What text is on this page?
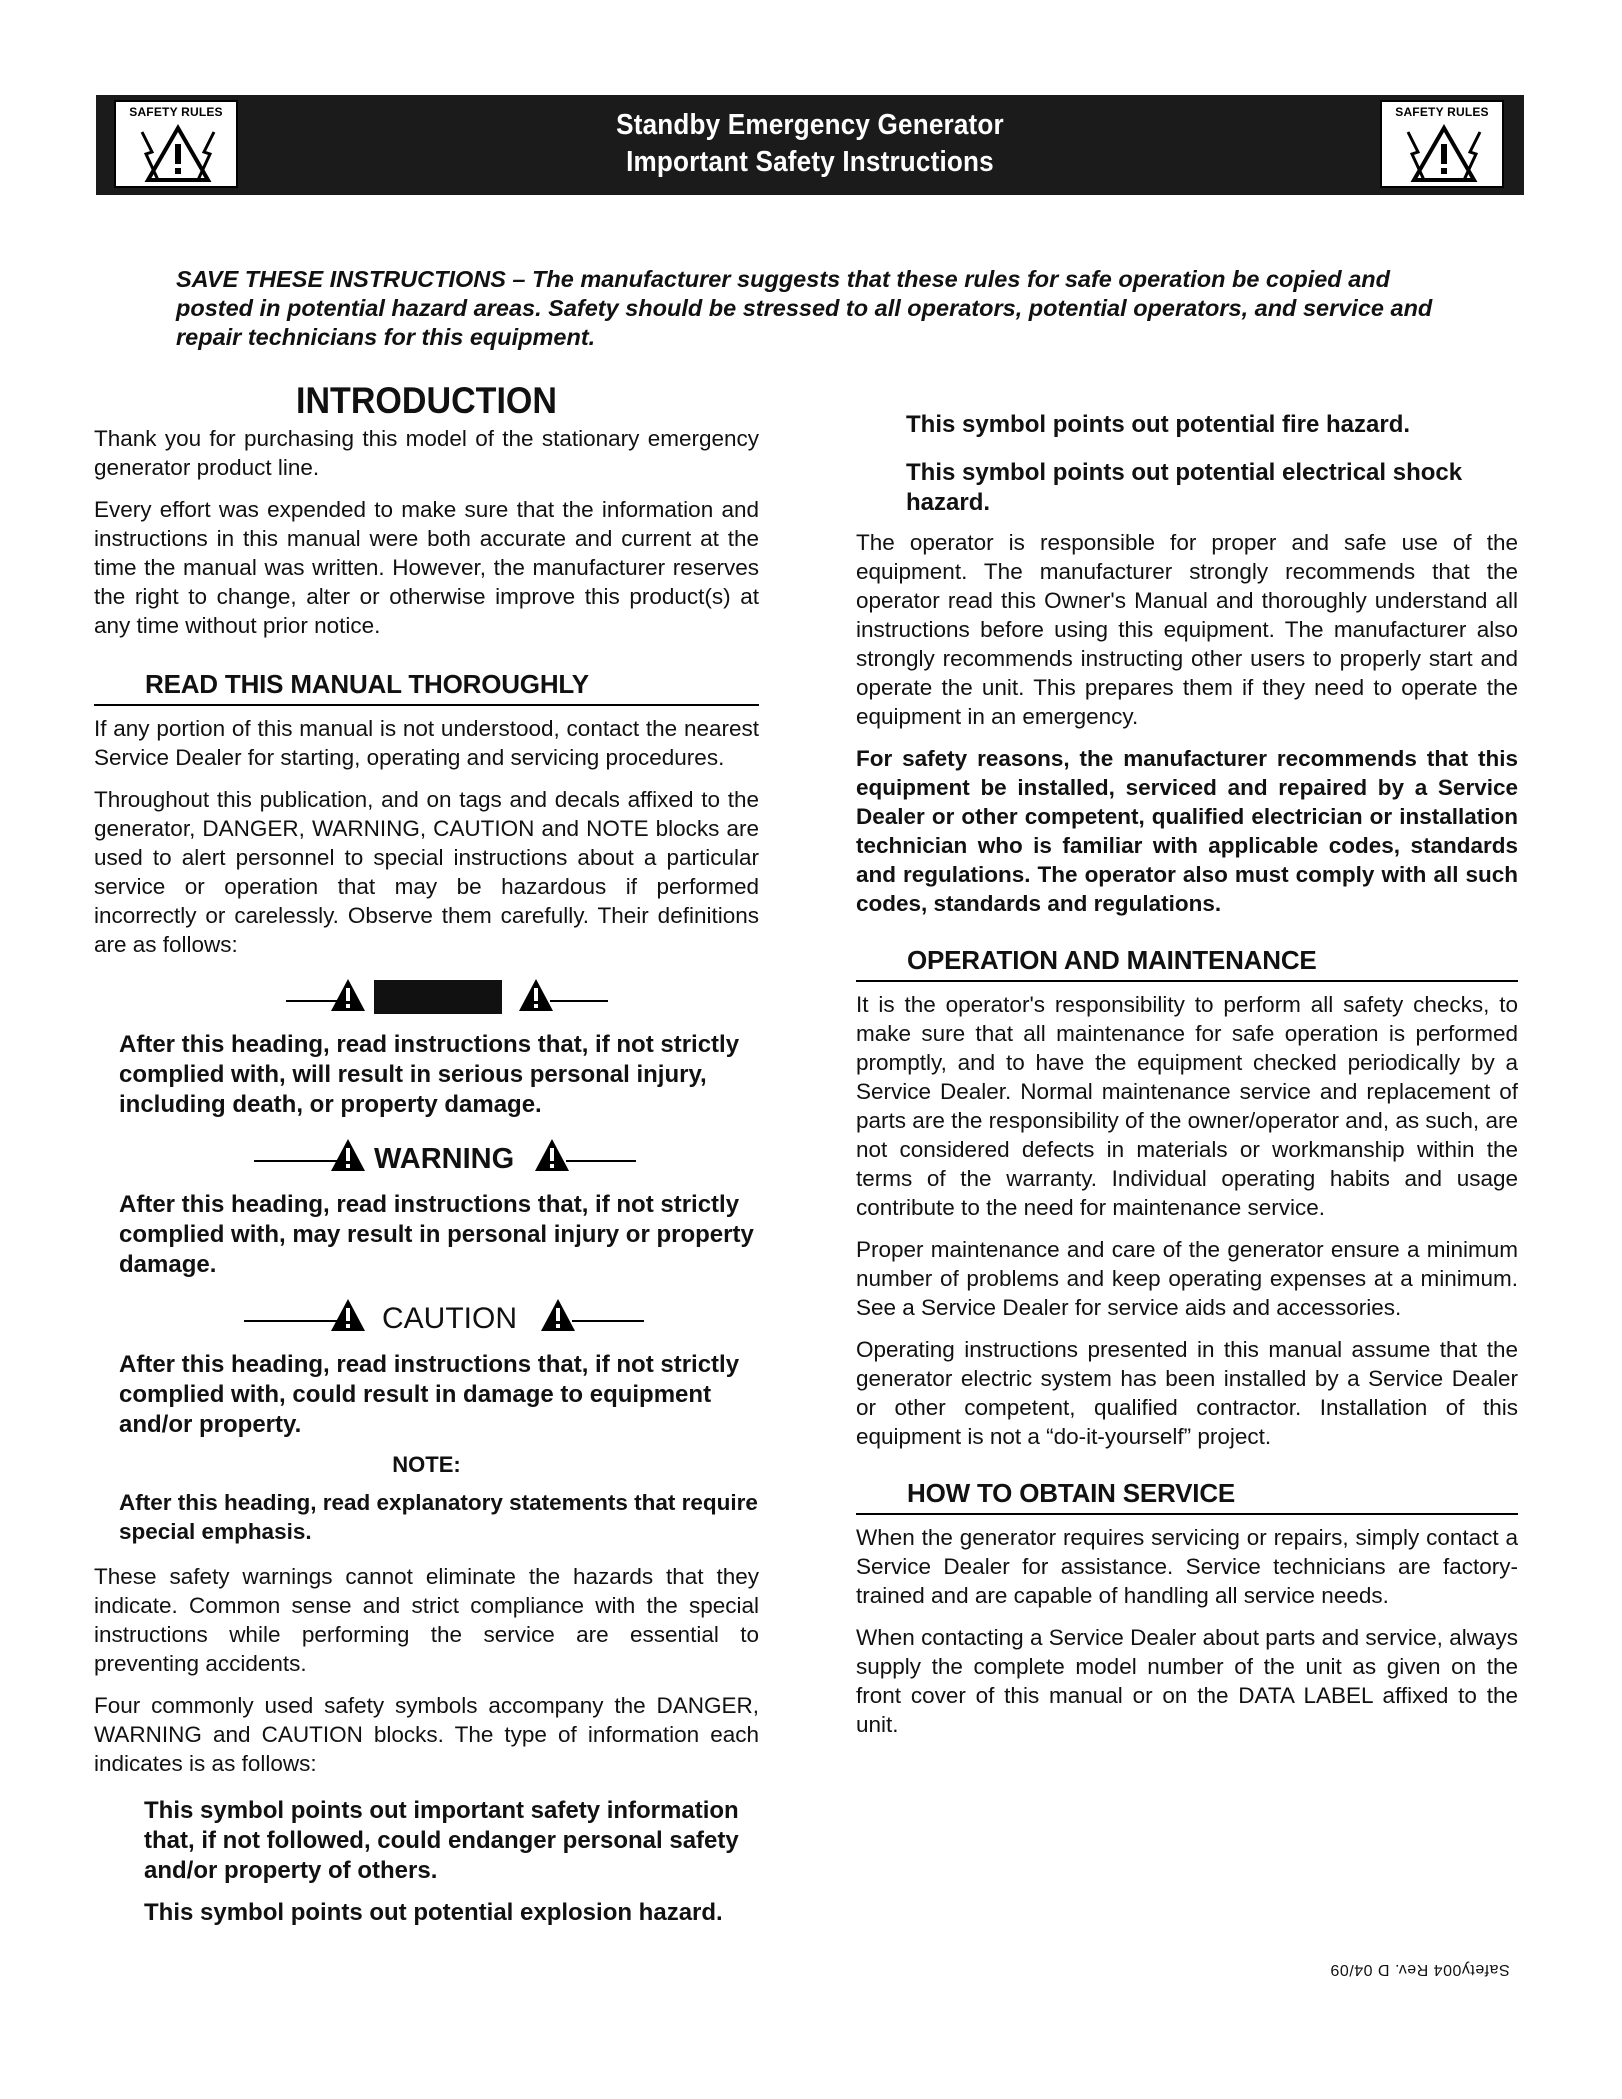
SAFETY RULES	Standby Emergency Generator
Important Safety Instructions
SAFETY RULES
SAVE THESE INSTRUCTIONS – The manufacturer suggests that these rules for safe operation be copied and posted in potential hazard areas. Safety should be stressed to all operators, potential operators, and service and repair technicians for this equipment.
INTRODUCTION

Thank you for purchasing this model of the stationary emergency generator product line.

Every effort was expended to make sure that the information and instructions in this manual were both accurate and current at the time the manual was written. However, the manufacturer reserves the right to change, alter or otherwise improve this product(s) at any time without prior notice.

READ THIS MANUAL THOROUGHLY

If any portion of this manual is not understood, contact the nearest Service Dealer for starting, operating and servicing procedures.

Throughout this publication, and on tags and decals affixed to the generator, DANGER, WARNING, CAUTION and NOTE blocks are used to alert personnel to special instructions about a particular service or operation that may be hazardous if performed incorrectly or carelessly. Observe them carefully. Their definitions are as follows:

After this heading, read instructions that, if not strictly complied with, will result in serious personal injury, including death, or property damage.
WARNING
After this heading, read instructions that, if not strictly complied with, may result in personal injury or property damage.
CAUTION
After this heading, read instructions that, if not strictly complied with, could result in damage to equipment and/or property.
NOTE:
After this heading, read explanatory statements that require special emphasis.

These safety warnings cannot eliminate the hazards that they indicate. Common sense and strict compliance with the special instructions while performing the service are essential to preventing accidents.

Four commonly used safety symbols accompany the DANGER, WARNING and CAUTION blocks. The type of information each indicates is as follows:

This symbol points out important safety information that, if not followed, could endanger personal safety and/or property of others.
This symbol points out potential explosion hazard.
This symbol points out potential fire hazard.
This symbol points out potential electrical shock hazard.

The operator is responsible for proper and safe use of the equipment. The manufacturer strongly recommends that the operator read this Owner's Manual and thoroughly understand all instructions before using this equipment. The manufacturer also strongly recommends instructing other users to properly start and operate the unit. This prepares them if they need to operate the equipment in an emergency.

For safety reasons, the manufacturer recommends that this equipment be installed, serviced and repaired by a Service Dealer or other competent, qualified electrician or installation technician who is familiar with applicable codes, standards and regulations. The operator also must comply with all such codes, standards and regulations.

OPERATION AND MAINTENANCE

It is the operator's responsibility to perform all safety checks, to make sure that all maintenance for safe operation is performed promptly, and to have the equipment checked periodically by a Service Dealer. Normal maintenance service and replacement of parts are the responsibility of the owner/operator and, as such, are not considered defects in materials or workmanship within the terms of the warranty. Individual operating habits and usage contribute to the need for maintenance service.

Proper maintenance and care of the generator ensure a minimum number of problems and keep operating expenses at a minimum. See a Service Dealer for service aids and accessories.

Operating instructions presented in this manual assume that the generator electric system has been installed by a Service Dealer or other competent, qualified contractor. Installation of this equipment is not a “do-it-yourself” project.

HOW TO OBTAIN SERVICE

When the generator requires servicing or repairs, simply contact a Service Dealer for assistance. Service technicians are factory-trained and are capable of handling all service needs.

When contacting a Service Dealer about parts and service, always supply the complete model number of the unit as given on the front cover of this manual or on the DATA LABEL affixed to the unit.

Safety004 Rev. D 04/09
